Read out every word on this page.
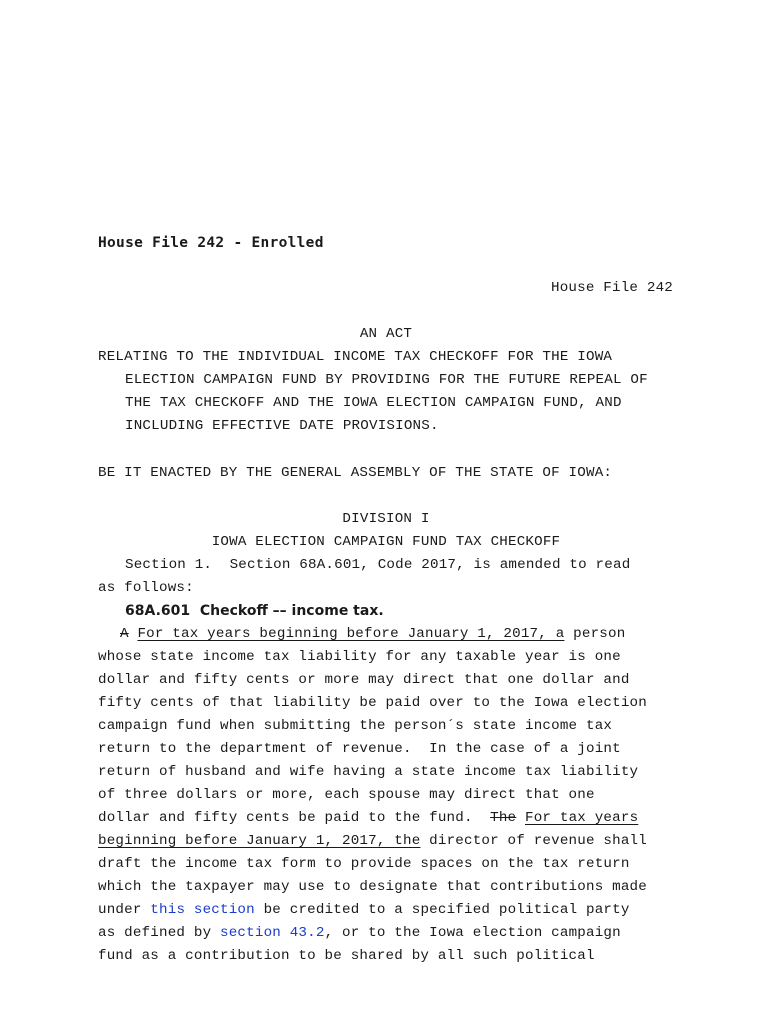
House File 242 - Enrolled
House File 242
AN ACT
RELATING TO THE INDIVIDUAL INCOME TAX CHECKOFF FOR THE IOWA
ELECTION CAMPAIGN FUND BY PROVIDING FOR THE FUTURE REPEAL OF
THE TAX CHECKOFF AND THE IOWA ELECTION CAMPAIGN FUND, AND
INCLUDING EFFECTIVE DATE PROVISIONS.
BE IT ENACTED BY THE GENERAL ASSEMBLY OF THE STATE OF IOWA:
DIVISION I
IOWA ELECTION CAMPAIGN FUND TAX CHECKOFF
Section 1.  Section 68A.601, Code 2017, is amended to read
as follows:
68A.601  Checkoff –– income tax.
A For tax years beginning before January 1, 2017, a person
whose state income tax liability for any taxable year is one
dollar and fifty cents or more may direct that one dollar and
fifty cents of that liability be paid over to the Iowa election
campaign fund when submitting the person´s state income tax
return to the department of revenue.  In the case of a joint
return of husband and wife having a state income tax liability
of three dollars or more, each spouse may direct that one
dollar and fifty cents be paid to the fund.  The For tax years
beginning before January 1, 2017, the director of revenue shall
draft the income tax form to provide spaces on the tax return
which the taxpayer may use to designate that contributions made
under this section be credited to a specified political party
as defined by section 43.2, or to the Iowa election campaign
fund as a contribution to be shared by all such political
